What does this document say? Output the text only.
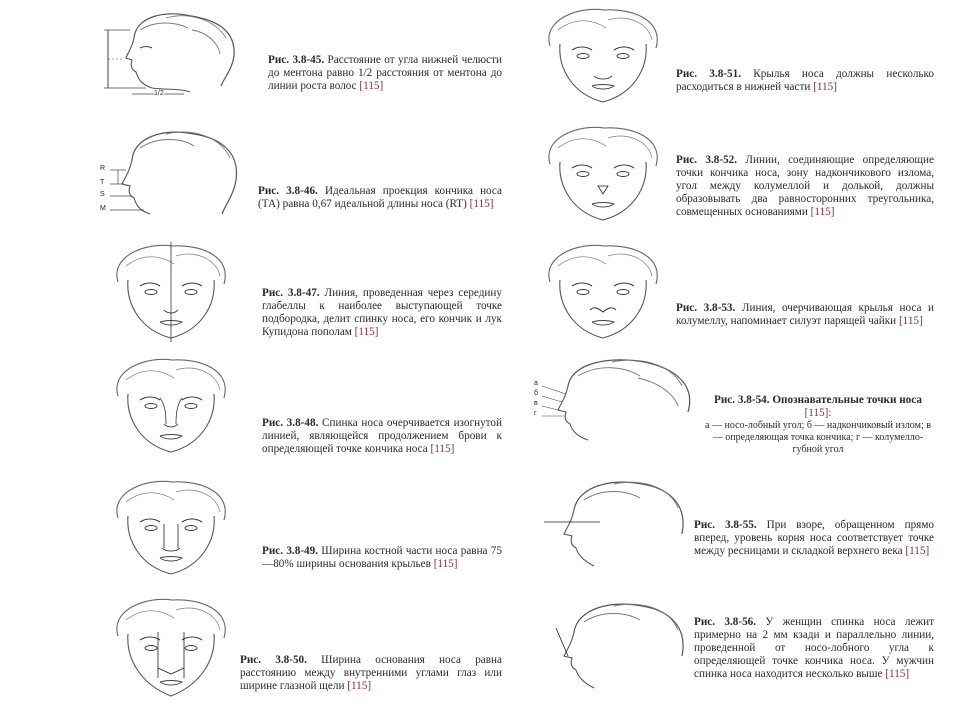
1/2
Рис. 3.8-45. Расстояние от угла нижней челюсти до ментона равно 1/2 расстояния от ментона до линии роста волос [115]
R
T
S
M
Рис. 3.8-46. Идеальная проекция кончика носа (ТА) равна 0,67 идеальной длины носа (RT) [115]
Рис. 3.8-47. Линия, проведенная через середину глабеллы к наиболее выступающей точке подбородка, делит спинку носа, его кончик и лук Купидона пополам [115]
Рис. 3.8-48. Спинка носа очерчивается изогнутой линией, являющейся продолжением брови к определяющей точке кончика носа [115]
Рис. 3.8-49. Ширина костной части носа равна 75—80% ширины основания крыльев [115]
Рис. 3.8-50. Ширина основания носа равна расстоянию между внутренними углами глаз или ширине глазной щели [115]
Рис. 3.8-51. Крылья носа должны несколько расходиться в нижней части [115]
Рис. 3.8-52. Линии, соединяющие определяющие точки кончика носа, зону надкончикового излома, угол между колумеллой и долькой, должны образовывать два равносторонних треугольника, совмещенных основаниями [115]
Рис. 3.8-53. Линия, очерчивающая крылья носа и колумеллу, напоминает силуэт парящей чайки [115]
а
б
в
г
Рис. 3.8-54. Опознавательные точки носа [115]:
а — носо-лобный угол; б — надкончиковый излом; в — определяющая точка кончика; г — колумелло-губной угол
Рис. 3.8-55. При взоре, обращенном прямо вперед, уровень корня носа соответствует точке между ресницами и складкой верхнего века [115]
Рис. 3.8-56. У женщин спинка носа лежит примерно на 2 мм кзади и параллельно линии, проведенной от носо-лобного угла к определяющей точке кончика носа. У мужчин спинка носа находится несколько выше [115]
